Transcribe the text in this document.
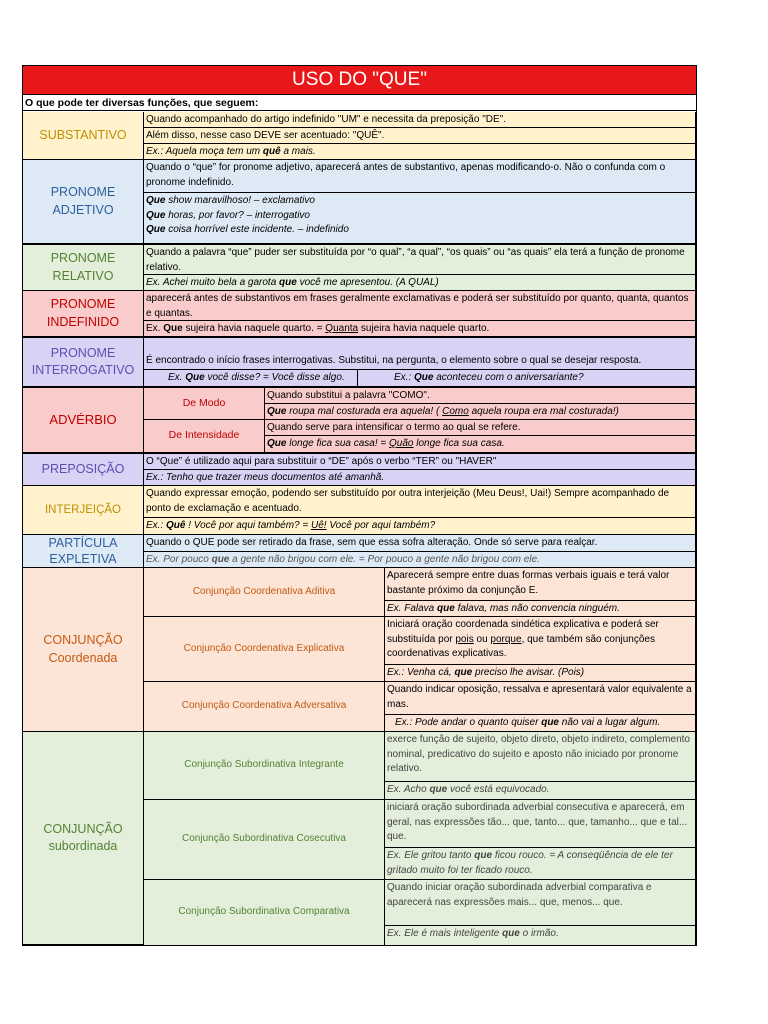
USO DO "QUE"
O que pode ter diversas funções, que seguem:
SUBSTANTIVO
Quando acompanhado do artigo indefinido "UM" e necessita da preposição "DE".
Além disso, nesse caso DEVE ser acentuado: "QUÊ".
Ex.: Aquela moça tem um quê a mais.
PRONOME
ADJETIVO
Quando o “que” for pronome adjetivo, aparecerá antes de substantivo, apenas modificando-o. Não o confunda com o pronome indefinido.
Que show maravilhoso! – exclamativo
Que horas, por favor? – interrogativo
Que coisa horrível este incidente. – indefinido
PRONOME
RELATIVO
Quando a palavra “que” puder ser substituída por “o qual”, “a qual”, “os quais” ou “as quais” ela terá a função de pronome relativo.
Ex. Achei muito bela a garota que você me apresentou. (A QUAL)
PRONOME
INDEFINIDO
aparecerá antes de substantivos em frases geralmente exclamativas e poderá ser substituído por quanto, quanta, quantos e quantas.
Ex. Que sujeira havia naquele quarto. = Quanta sujeira havia naquele quarto.
PRONOME
INTERROGATIVO
É encontrado o início frases interrogativas. Substitui, na pergunta, o elemento sobre o qual se desejar resposta.
Ex. Que você disse? = Você disse algo.	Ex.: Que aconteceu com o aniversariante?
ADVÉRBIO
De Modo
De Intensidade
Quando substitui a palavra "COMO".
Que roupa mal costurada era aquela! ( Como aquela roupa era mal costurada!)
Quando serve para intensificar o termo ao qual se refere.
Que longe fica sua casa! = Quão longe fica sua casa.
PREPOSIÇÃO
O “Que” é utilizado aqui para substituir o “DE” após o verbo “TER” ou "HAVER"
Ex.: Tenho que trazer meus documentos até amanhã.
INTERJEIÇÃO
Quando expressar emoção, podendo ser substituído por outra interjeição (Meu Deus!, Uai!) Sempre acompanhado de ponto de exclamação e acentuado.
Ex.: Quê ! Você por aqui também? = Uê! Você por aqui também?
PARTÍCULA
EXPLETIVA
Quando o QUE pode ser retirado da frase, sem que essa sofra alteração. Onde só serve para realçar.
Ex. Por pouco que a gente não brigou com ele. = Por pouco a gente não brigou com ele.
CONJUNÇÃO
Coordenada
Conjunção Coordenativa Aditiva
Aparecerá sempre entre duas formas verbais iguais e terá valor bastante próximo da conjunção E.
Ex. Falava que falava, mas não convencia ninguém.
Conjunção Coordenativa Explicativa
Iniciará oração coordenada sindética explicativa e poderá ser substituída por pois ou porque, que também são conjunções coordenativas explicativas.
Ex.: Venha cá, que preciso lhe avisar. (Pois)
Conjunção Coordenativa Adversativa
Quando indicar oposição, ressalva e apresentará valor equivalente a mas.
Ex.: Pode andar o quanto quiser que não vai a lugar algum.
CONJUNÇÃO
subordinada
Conjunção Subordinativa Integrante
exerce função de sujeito, objeto direto, objeto indireto, complemento nominal, predicativo do sujeito e aposto não iniciado por pronome relativo.
Ex. Acho que você está equivocado.
Conjunção Subordinativa Cosecutiva
iniciará oração subordinada adverbial consecutiva e aparecerá, em geral, nas expressões tão... que, tanto... que, tamanho... que e tal... que.
Ex. Ele gritou tanto que ficou rouco. = A conseqüência de ele ter gritado muito foi ter ficado rouco.
Conjunção Subordinativa Comparativa
Quando iniciar oração subordinada adverbial comparativa e aparecerá nas expressões mais... que, menos... que.
Ex. Ele é mais inteligente que o irmão.
